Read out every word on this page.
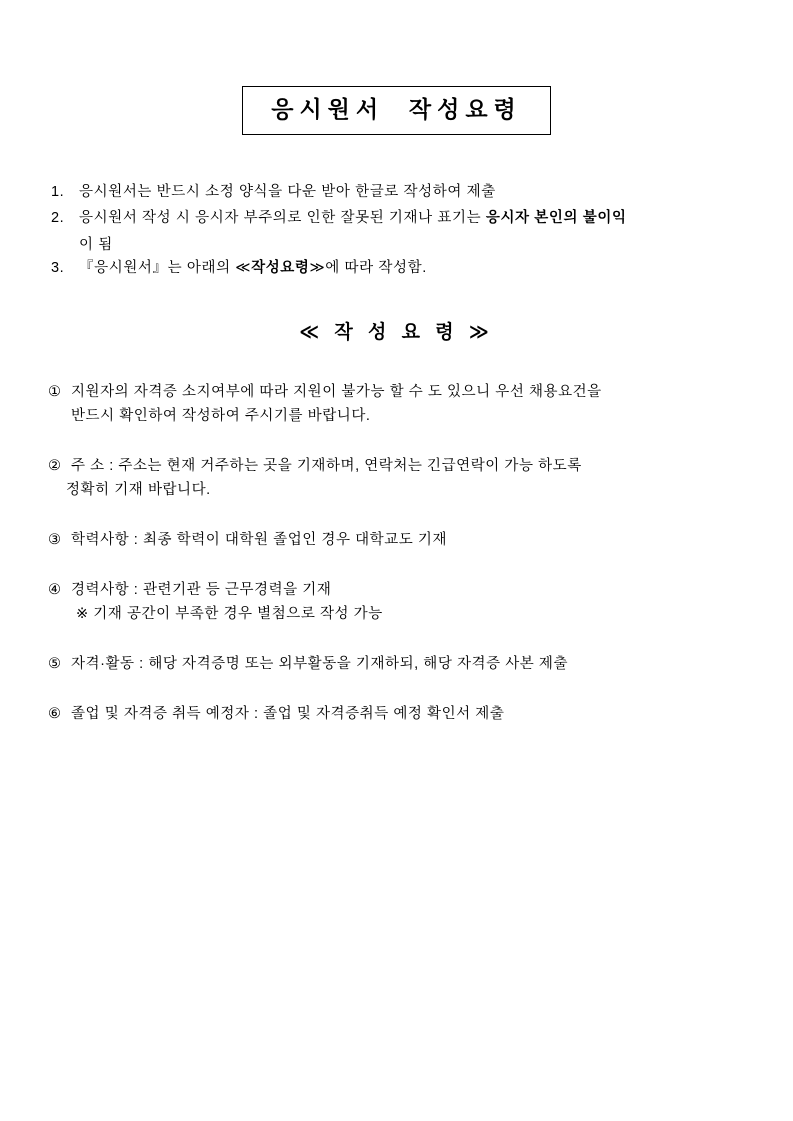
응시원서  작성요령
1.	응시원서는 반드시 소정 양식을 다운 받아 한글로 작성하여 제출
2.	응시원서 작성 시 응시자 부주의로 인한 잘못된 기재나 표기는 응시자 본인의 불이익
이 됨
3.	『응시원서』는 아래의 ≪작성요령≫에 따라 작성함.
≪ 작 성 요 령 ≫
① 지원자의 자격증 소지여부에 따라 지원이 불가능 할 수 도 있으니 우선 채용요건을
반드시 확인하여 작성하여 주시기를 바랍니다.
② 주 소 : 주소는 현재 거주하는 곳을 기재하며, 연락처는 긴급연락이 가능 하도록
정확히 기재 바랍니다.
③ 학력사항 : 최종 학력이 대학원 졸업인 경우 대학교도 기재
④ 경력사항 : 관련기관 등 근무경력을 기재
※ 기재 공간이 부족한 경우 별첨으로 작성 가능
⑤ 자격·활동 : 해당 자격증명 또는 외부활동을 기재하되, 해당 자격증 사본 제출
⑥ 졸업 및 자격증 취득 예정자 : 졸업 및 자격증취득 예정 확인서 제출
